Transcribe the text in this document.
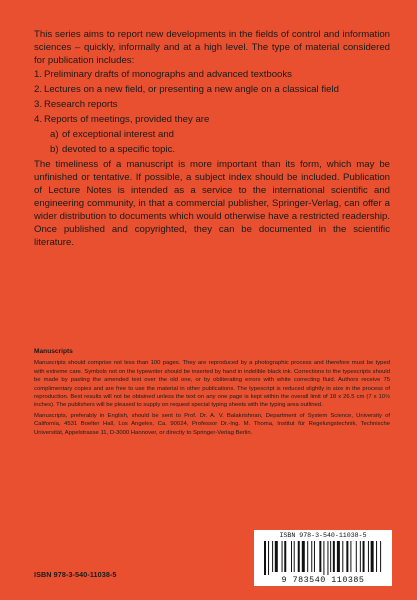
This series aims to report new developments in the fields of control and information sciences – quickly, informally and at a high level. The type of material considered for publication includes:

1. Preliminary drafts of monographs and advanced textbooks
2. Lectures on a new field, or presenting a new angle on a classical field
3. Research reports
4. Reports of meetings, provided they are
a) of exceptional interest and
b) devoted to a specific topic.

The timeliness of a manuscript is more important than its form, which may be unfinished or tentative. If possible, a subject index should be included. Publication of Lecture Notes is intended as a service to the international scientific and engineering community, in that a commercial publisher, Springer-Verlag, can offer a wider distribution to documents which would otherwise have a restricted readership. Once published and copyrighted, they can be documented in the scientific literature.

Manuscripts

Manuscripts should comprise not less than 100 pages. They are reproduced by a photographic process and therefore must be typed with extreme care. Symbols not on the typewriter should be inserted by hand in indelible black ink. Corrections to the typescripts should be made by pasting the amended text over the old one, or by obliterating errors with white correcting fluid. Authors receive 75 complimentary copies and are free to use the material in other publications. The typescript is reduced slightly in size in the process of reproduction. Best results will not be obtained unless the text on any one page is kept within the overall limit of 18 x 26.5 cm (7 x 10½ inches). The publishers will be pleased to supply on request special typing sheets with the typing area outlined.

Manuscripts, preferably in English, should be sent to Prof. Dr. A. V. Balakrishnan, Department of System Science, University of California, 4531 Boelter Hall, Los Angeles, Ca. 90024, Professor Dr.-Ing. M. Thoma, Institut für Regelungstechnik, Technische Universität, Appelstrasse 11, D-3000 Hannover, or directly to Springer-Verlag Berlin.

ISBN 978-3-540-11038-5
ISBN 978-3-540-11038-5
9 783540 110385
